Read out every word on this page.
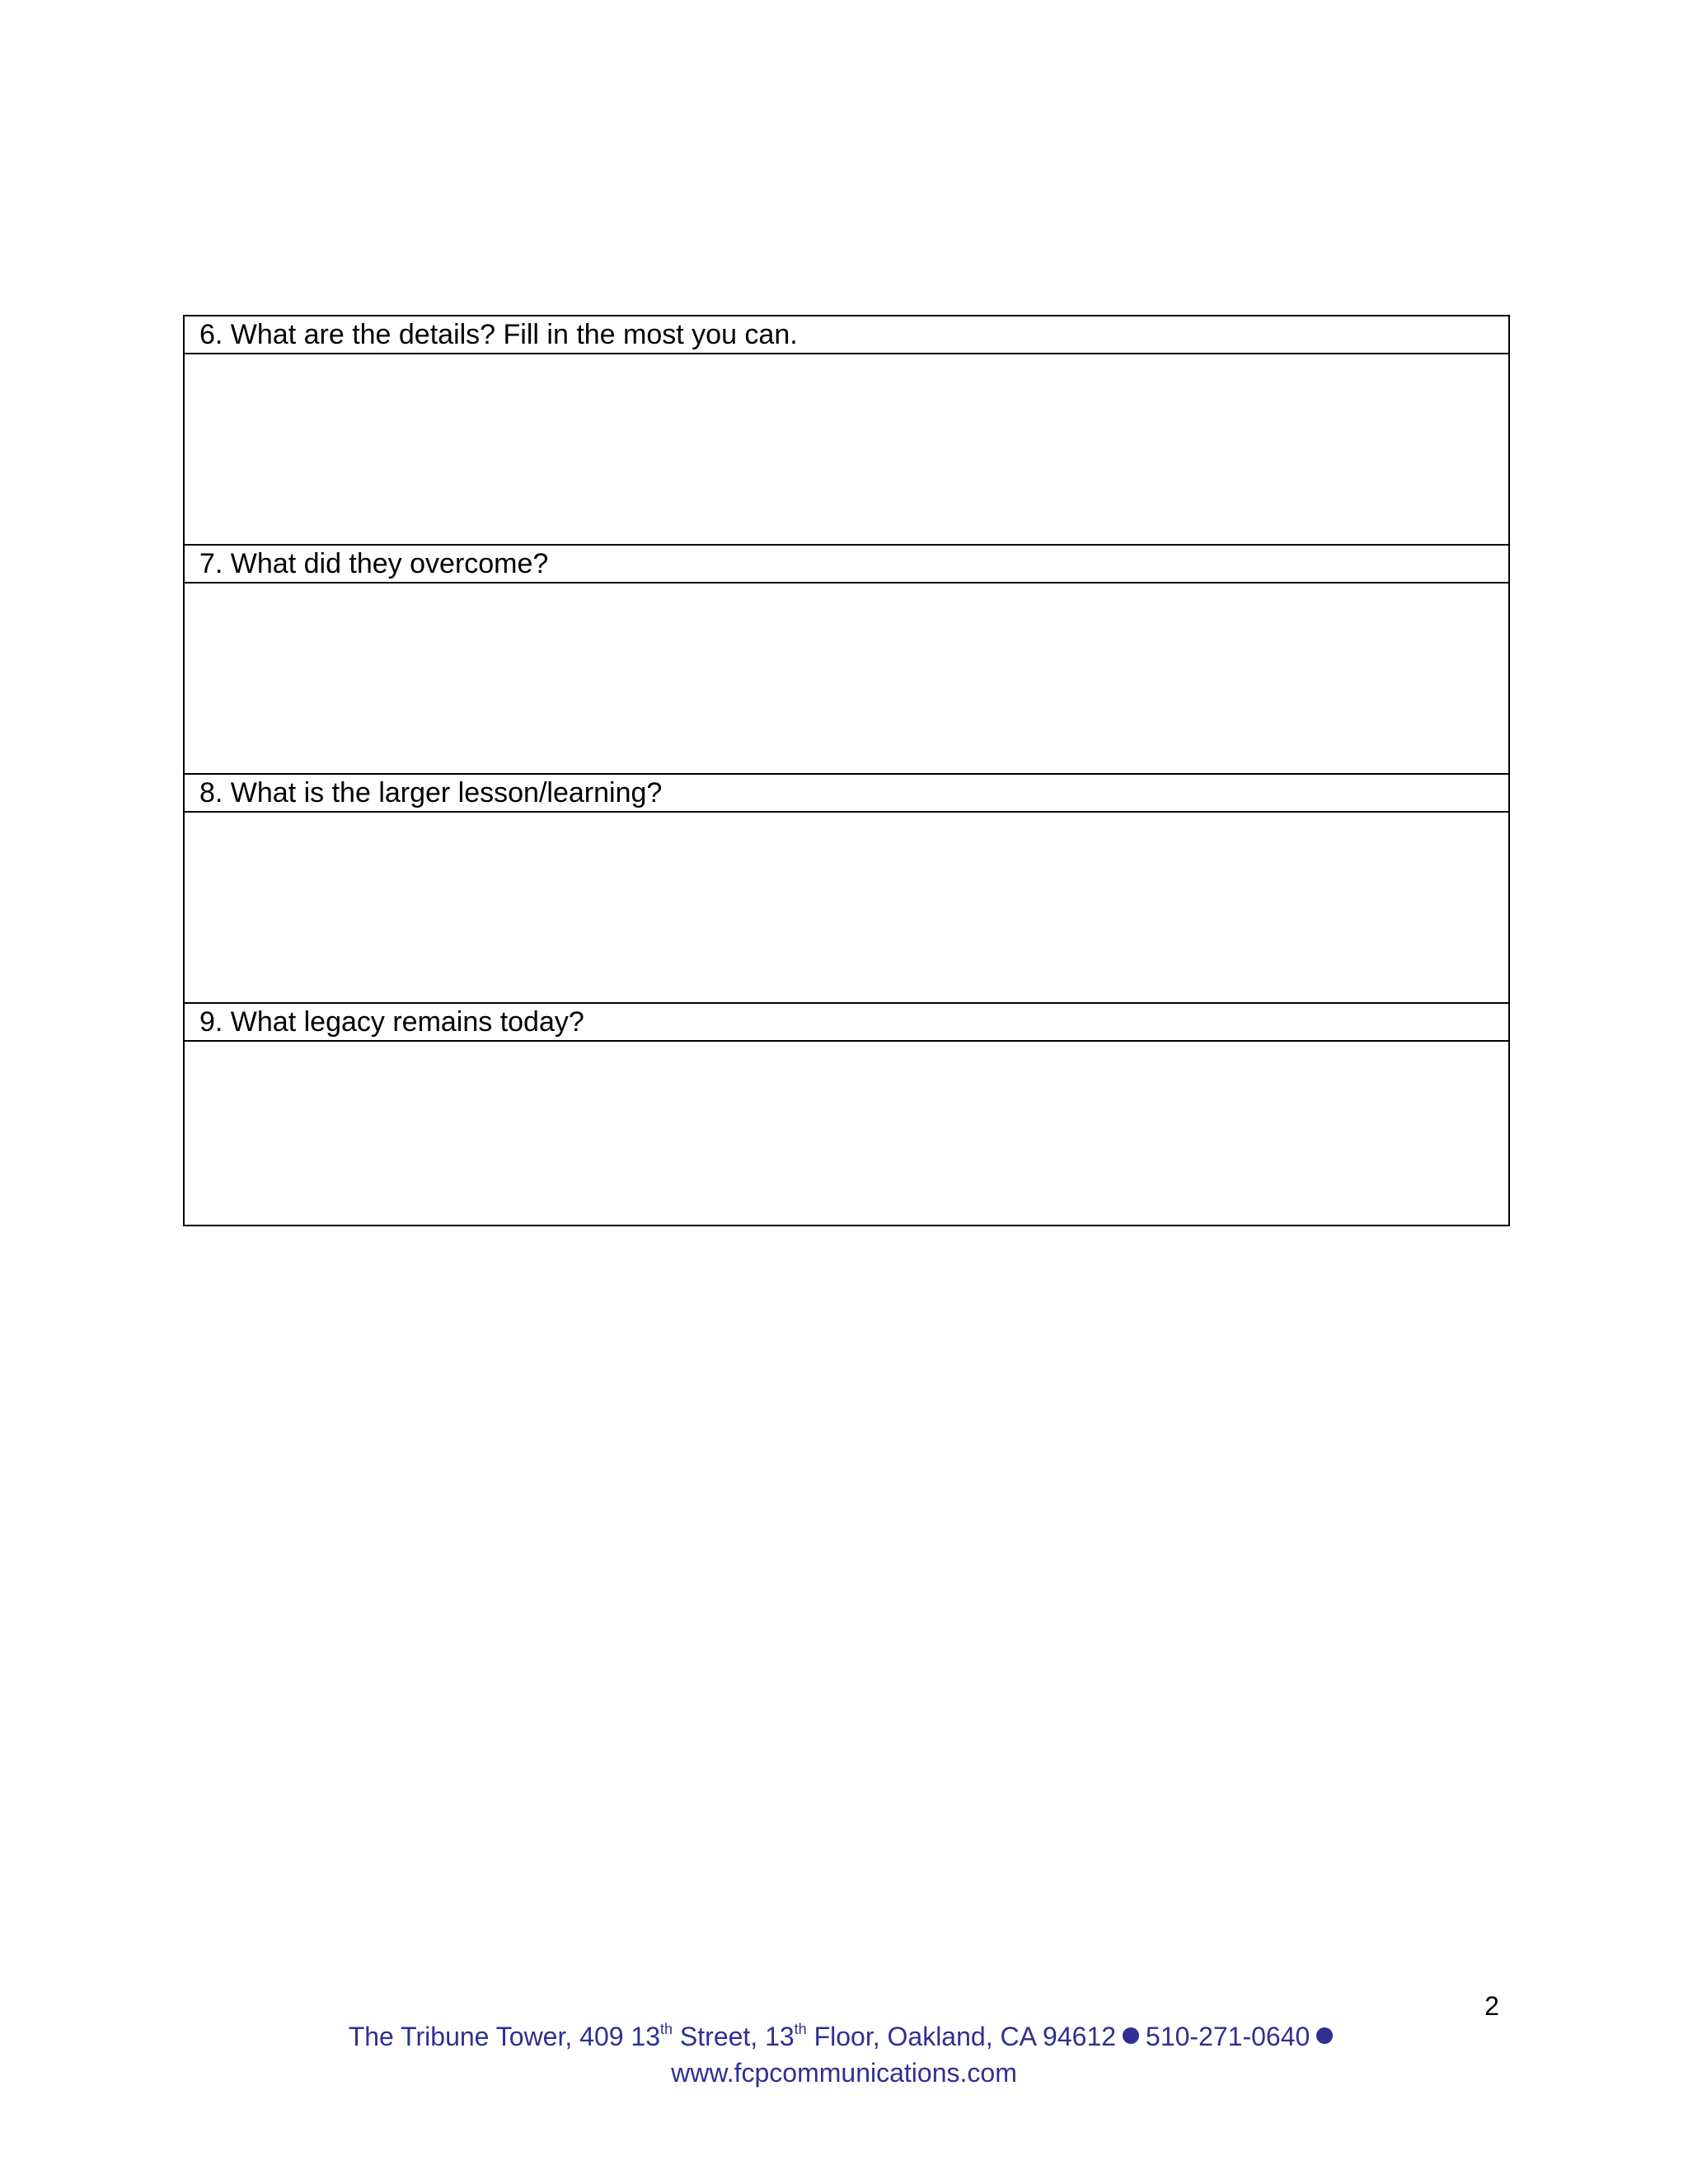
6. What are the details? Fill in the most you can.

7. What did they overcome?

8. What is the larger lesson/learning?

9. What legacy remains today?

2
The Tribune Tower, 409 13th Street, 13th Floor, Oakland, CA 94612 510-271-0640
www.fcpcommunications.com
